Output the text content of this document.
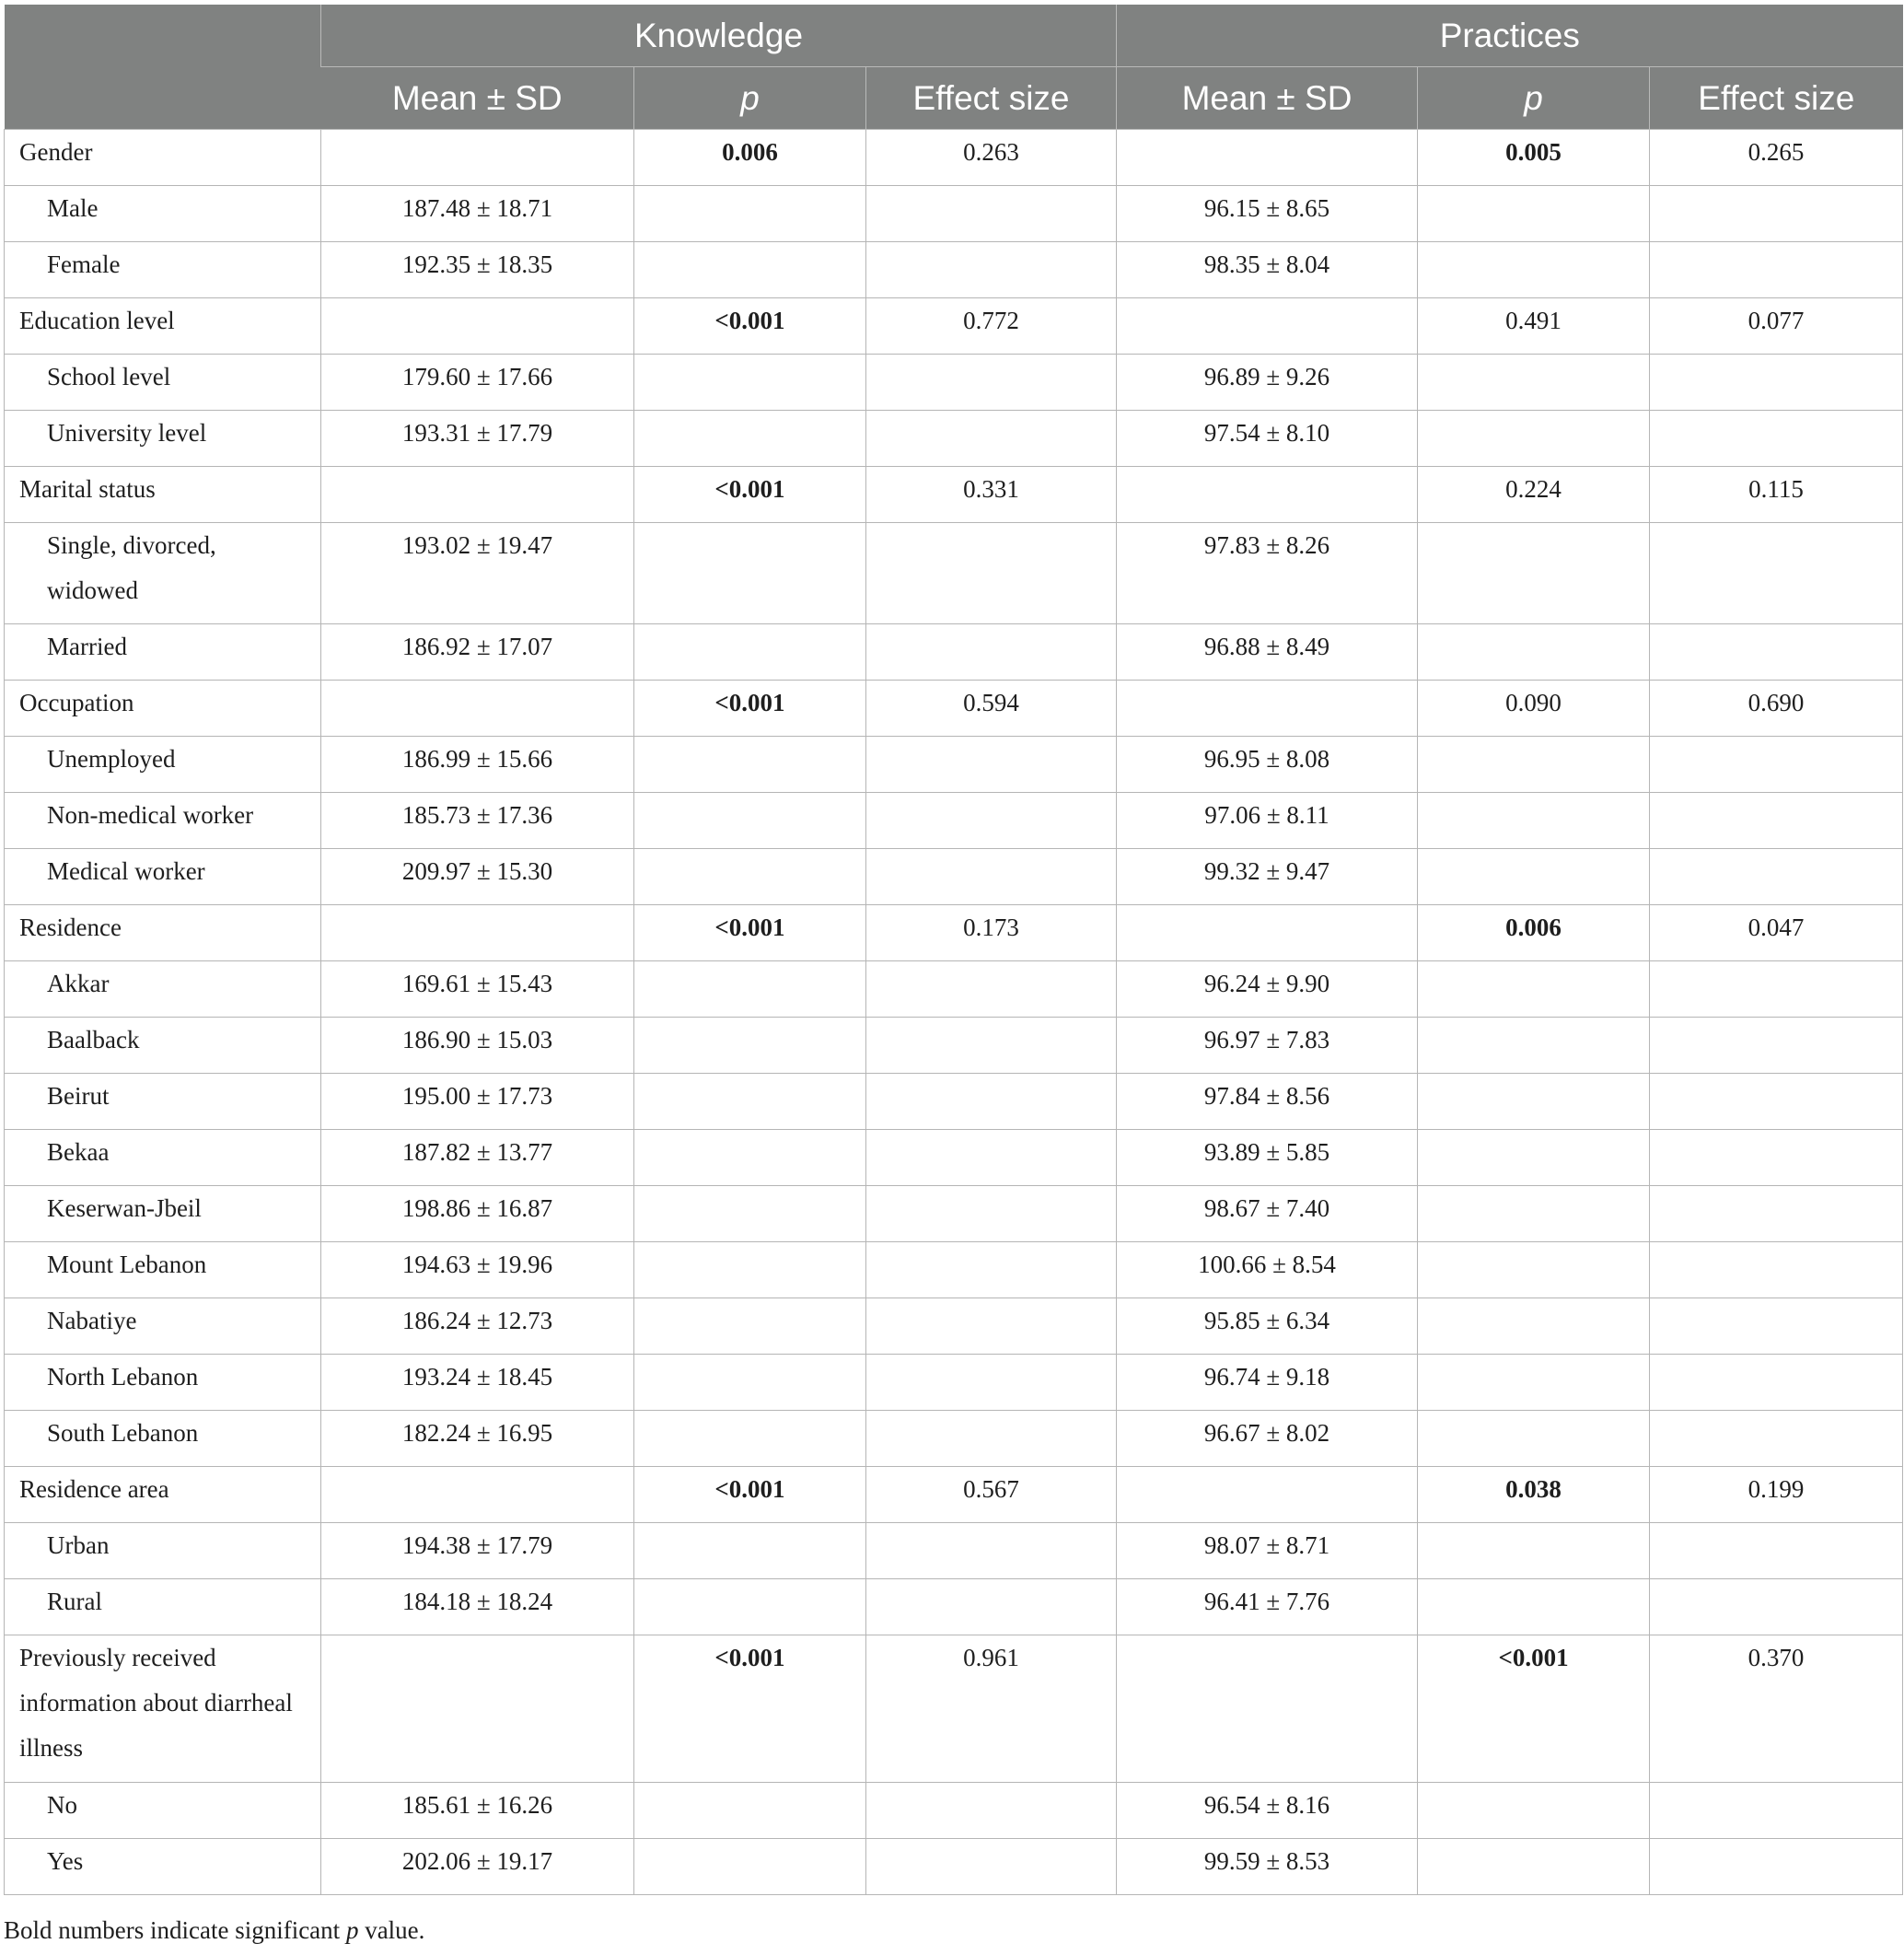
	Knowledge			Practices		
	Mean ± SD	p	Effect size	Mean ± SD	p	Effect size
Gender		0.006	0.263		0.005	0.265
Male	187.48 ± 18.71			96.15 ± 8.65		
Female	192.35 ± 18.35			98.35 ± 8.04		
Education level		<0.001	0.772		0.491	0.077
School level	179.60 ± 17.66			96.89 ± 9.26		
University level	193.31 ± 17.79			97.54 ± 8.10		
Marital status		<0.001	0.331		0.224	0.115
Single, divorced, widowed	193.02 ± 19.47			97.83 ± 8.26		
Married	186.92 ± 17.07			96.88 ± 8.49		
Occupation		<0.001	0.594		0.090	0.690
Unemployed	186.99 ± 15.66			96.95 ± 8.08		
Non-medical worker	185.73 ± 17.36			97.06 ± 8.11		
Medical worker	209.97 ± 15.30			99.32 ± 9.47		
Residence		<0.001	0.173		0.006	0.047
Akkar	169.61 ± 15.43			96.24 ± 9.90		
Baalback	186.90 ± 15.03			96.97 ± 7.83		
Beirut	195.00 ± 17.73			97.84 ± 8.56		
Bekaa	187.82 ± 13.77			93.89 ± 5.85		
Keserwan-Jbeil	198.86 ± 16.87			98.67 ± 7.40		
Mount Lebanon	194.63 ± 19.96			100.66 ± 8.54		
Nabatiye	186.24 ± 12.73			95.85 ± 6.34		
North Lebanon	193.24 ± 18.45			96.74 ± 9.18		
South Lebanon	182.24 ± 16.95			96.67 ± 8.02		
Residence area		<0.001	0.567		0.038	0.199
Urban	194.38 ± 17.79			98.07 ± 8.71		
Rural	184.18 ± 18.24			96.41 ± 7.76		
Previously received information about diarrheal illness		<0.001	0.961		<0.001	0.370
No	185.61 ± 16.26			96.54 ± 8.16		
Yes	202.06 ± 19.17			99.59 ± 8.53		
Bold numbers indicate significant p value.
